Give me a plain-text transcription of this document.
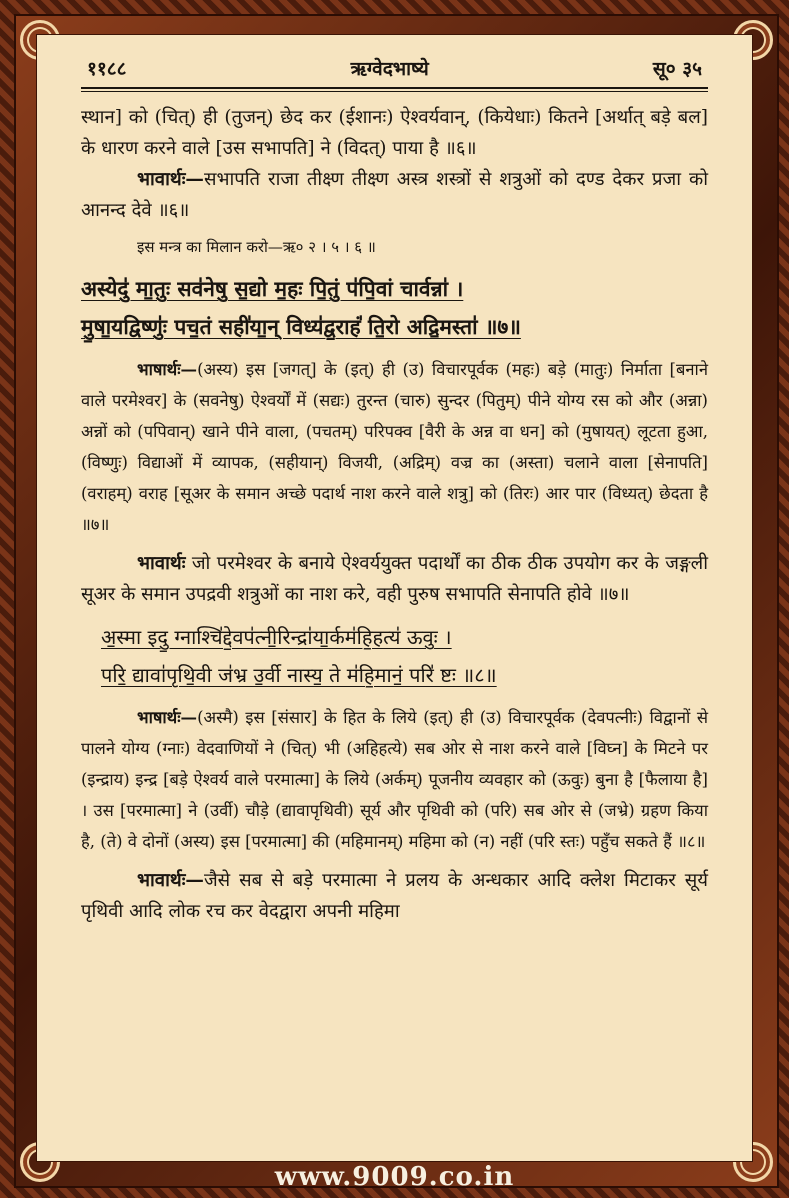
११८८	ऋग्वेदभाष्ये	सू० ३५

स्थान] को (चित्) ही (तुजन्) छेद कर (ईशानः) ऐश्वर्यवान्, (कियेधाः) कितने [अर्थात् बड़े बल] के धारण करने वाले [उस सभापति] ने (विदत्) पाया है ॥६॥

भावार्थः—सभापति राजा तीक्ष्ण तीक्ष्ण अस्त्र शस्त्रों से शत्रुओं को दण्ड देकर प्रजा को आनन्द देवे ॥६॥

इस मन्त्र का मिलान करो—ऋ० २ । ५ । ६ ॥

अस्येदु॑ मा॒तुः सव॑नेषु स॒द्यो म॒हः पि॒तुं प॑पि॒वां चार्वन्ना॑ ।

मु॒षा॒यद्विष्णुः॑ पच॒तं सही॑या॒न् विध्य॑द्व॒राहं॑ ति॒रो अद्रि॒मस्ता॑ ॥७॥

भाषार्थः—(अस्य) इस [जगत्] के (इत्) ही (उ) विचारपूर्वक (महः) बड़े (मातुः) निर्माता [बनाने वाले परमेश्वर] के (सवनेषु) ऐश्वर्यों में (सद्यः) तुरन्त (चारु) सुन्दर (पितुम्) पीने योग्य रस को और (अन्ना) अन्नों को (पपिवान्) खाने पीने वाला, (पचतम्) परिपक्व [वैरी के अन्न वा धन] को (मुषायत्) लूटता हुआ, (विष्णुः) विद्याओं में व्यापक, (सहीयान्) विजयी, (अद्रिम्) वज्र का (अस्ता) चलाने वाला [सेनापति] (वराहम्) वराह [सूअर के समान अच्छे पदार्थ नाश करने वाले शत्रु] को (तिरः) आर पार (विध्यत्) छेदता है ॥७॥

भावार्थः जो परमेश्वर के बनाये ऐश्वर्ययुक्त पदार्थों का ठीक ठीक उपयोग कर के जङ्गली सूअर के समान उपद्रवी शत्रुओं का नाश करे, वही पुरुष सभापति सेनापति होवे ॥७॥

अ॒स्मा इदु॒ ग्नाश्चि॑द्दे॒वप॑त्नी॒रिन्द्रा॑या॒र्कम॑हि॒हत्य॑ ऊवुः ।

परि॒ द्यावा॑पृथि॒वी ज॑भ्र उ॒र्वी नास्य॒ ते म॑हि॒मानं॒ परि॑ ष्टः ॥८॥

भाषार्थः—(अस्मै) इस [संसार] के हित के लिये (इत्) ही (उ) विचारपूर्वक (देवपत्नीः) विद्वानों से पालने योग्य (ग्नाः) वेदवाणियों ने (चित्) भी (अहिहत्ये) सब ओर से नाश करने वाले [विघ्न] के मिटने पर (इन्द्राय) इन्द्र [बड़े ऐश्वर्य वाले परमात्मा] के लिये (अर्कम्) पूजनीय व्यवहार को (ऊवुः) बुना है [फैलाया है] । उस [परमात्मा] ने (उर्वी) चौड़े (द्यावापृथिवी) सूर्य और पृथिवी को (परि) सब ओर से (जभ्रे) ग्रहण किया है, (ते) वे दोनों (अस्य) इस [परमात्मा] की (महिमानम्) महिमा को (न) नहीं (परि स्तः) पहुँच सकते हैं ॥८॥

भावार्थः—जैसे सब से बड़े परमात्मा ने प्रलय के अन्धकार आदि क्लेश मिटाकर सूर्य पृथिवी आदि लोक रच कर वेदद्वारा अपनी महिमा

www.9009.co.in
